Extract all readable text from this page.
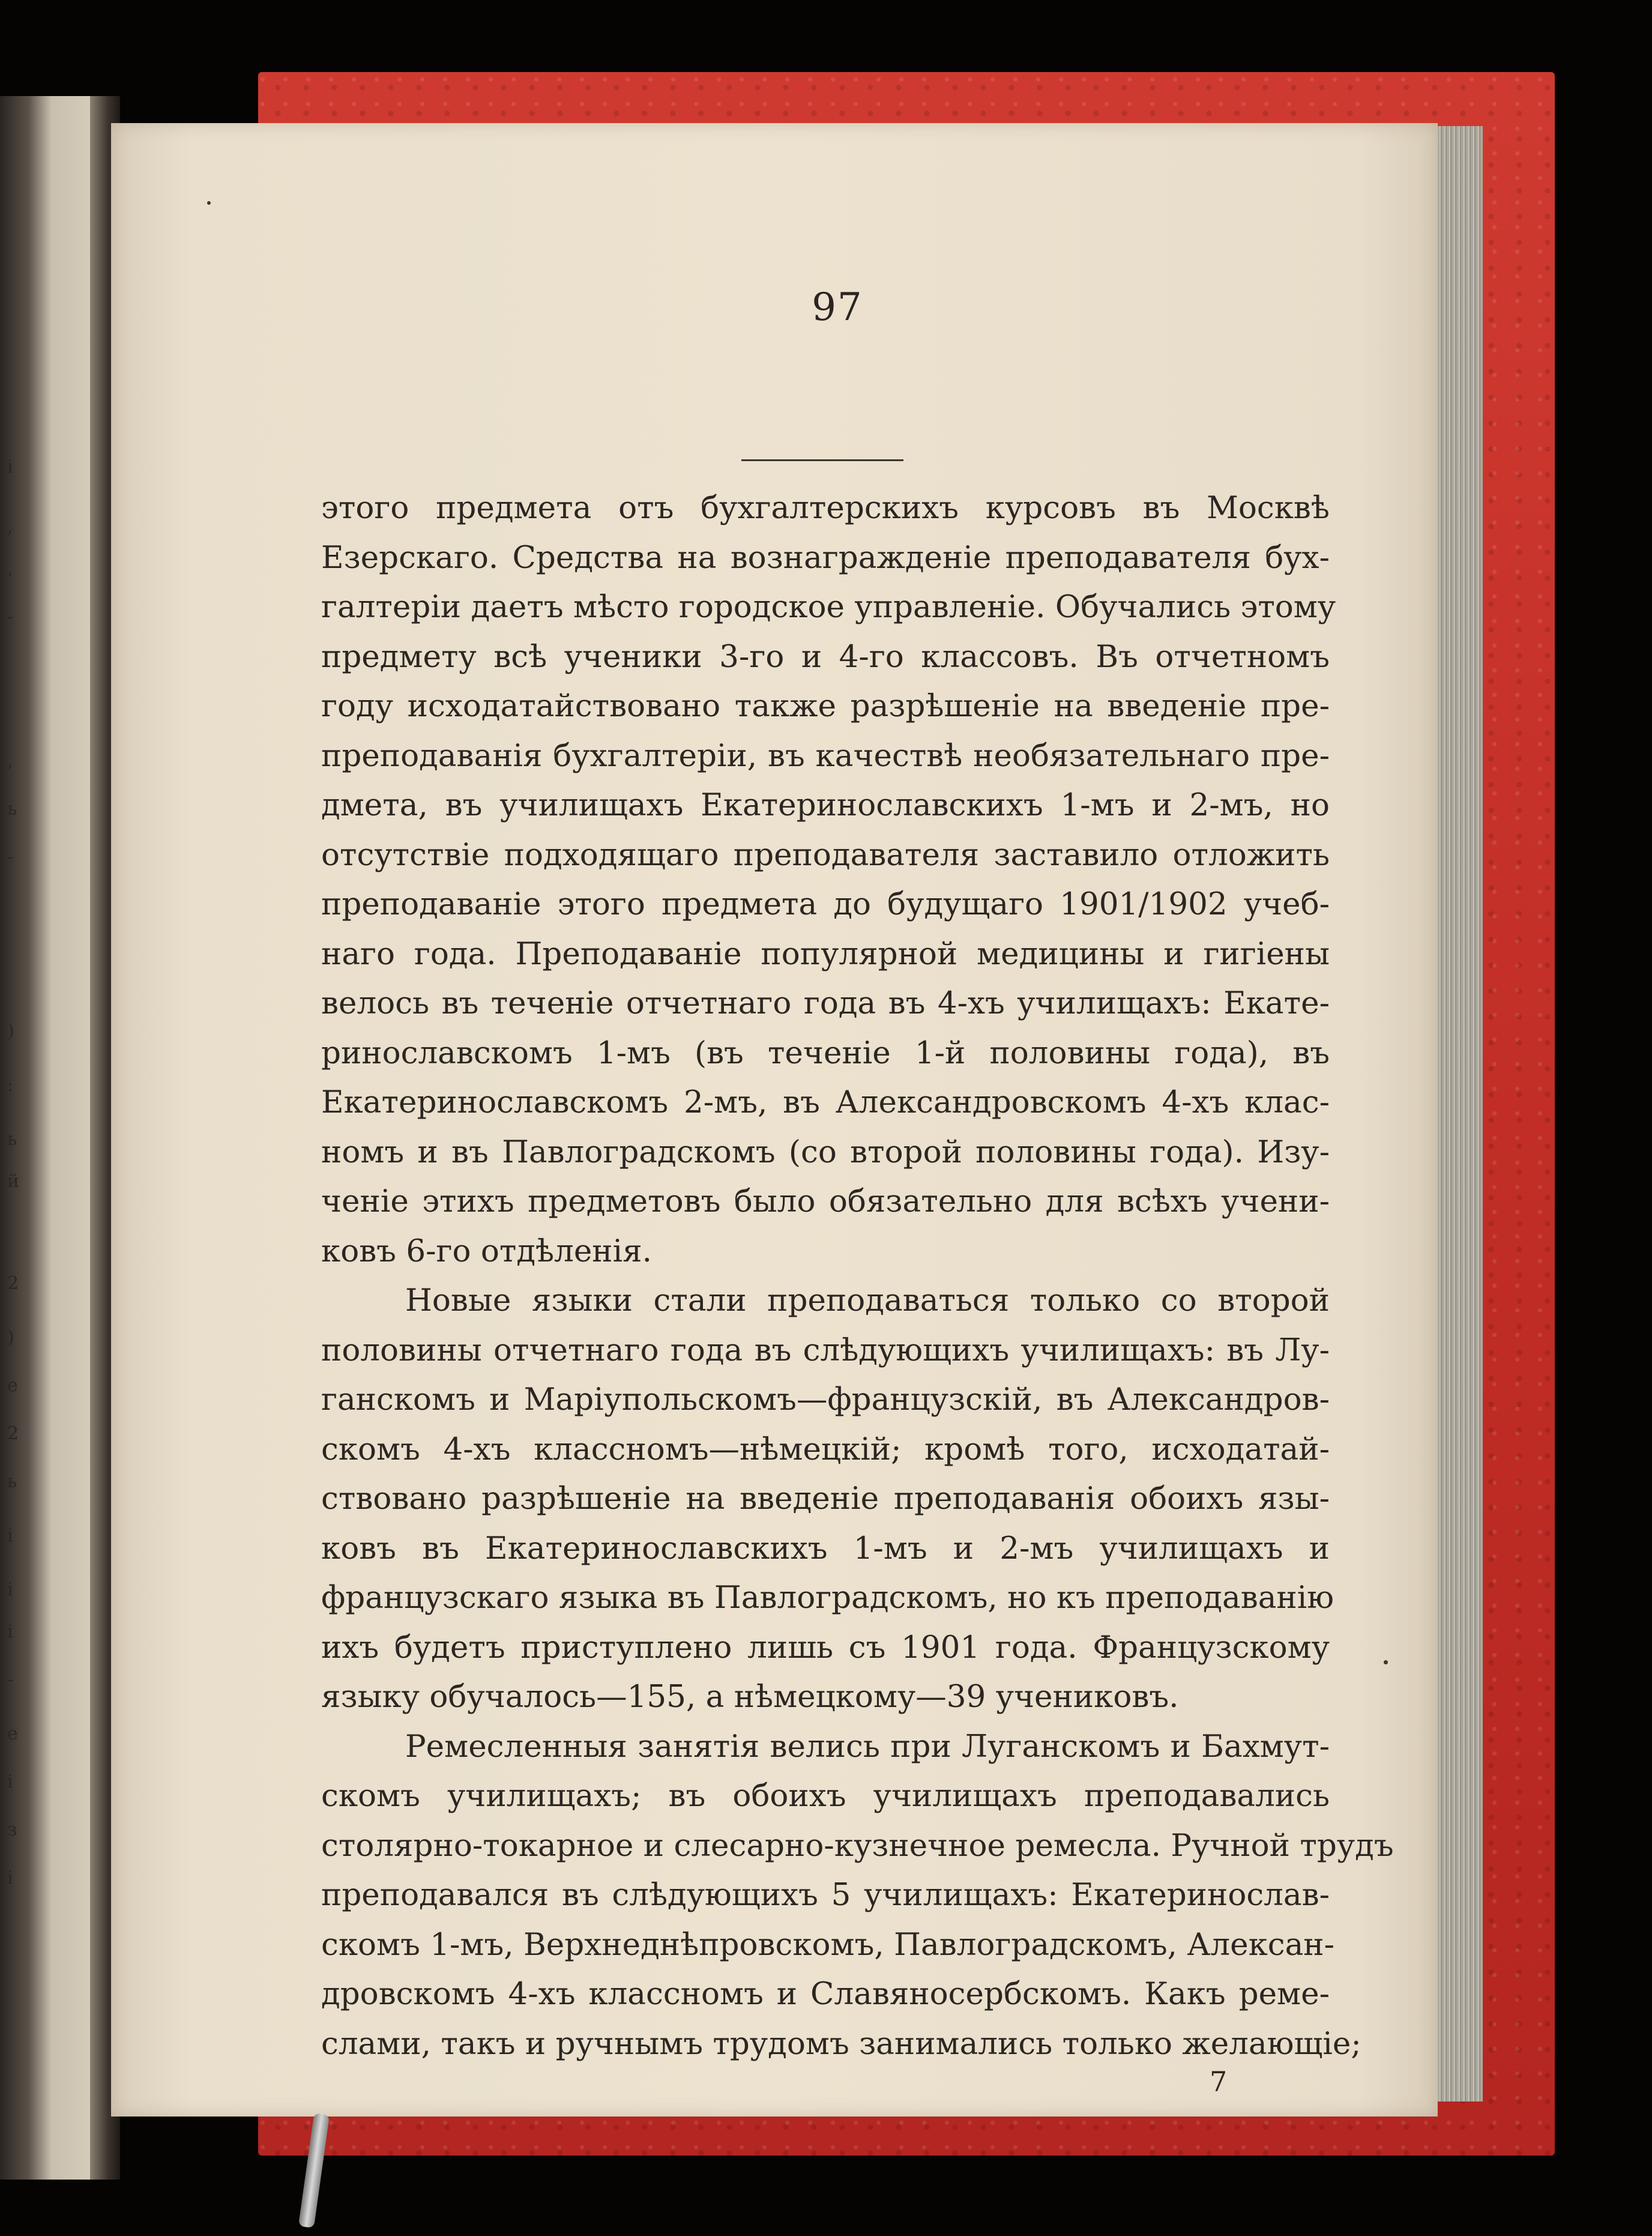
і
,
,
-
,
ь
-
)
:
ь
й
2
)
е
2
ь
і
і
і
-
е
і
з
і
97
этого предмета отъ бухгалтерскихъ курсовъ въ Москвѣ
Езерскаго. Средства на вознагражденіе преподавателя бух-
галтеріи даетъ мѣсто городское управленіе. Обучались этому
предмету всѣ ученики 3-го и 4-го классовъ. Въ отчетномъ
году исходатайствовано также разрѣшеніе на введеніе пре-
преподаванія бухгалтеріи, въ качествѣ необязательнаго пре-
дмета, въ училищахъ Екатеринославскихъ 1-мъ и 2-мъ, но
отсутствіе подходящаго преподавателя заставило отложить
преподаваніе этого предмета до будущаго 1901/1902 учеб-
наго года. Преподаваніе популярной медицины и гигіены
велось въ теченіе отчетнаго года въ 4-хъ училищахъ: Екате-
ринославскомъ 1-мъ (въ теченіе 1-й половины года), въ
Екатеринославскомъ 2-мъ, въ Александровскомъ 4-хъ клас-
номъ и въ Павлоградскомъ (со второй половины года). Изу-
ченіе этихъ предметовъ было обязательно для всѣхъ учени-
ковъ 6-го отдѣленія.
Новые языки стали преподаваться только со второй
половины отчетнаго года въ слѣдующихъ училищахъ: въ Лу-
ганскомъ и Маріупольскомъ—французскій, въ Александров-
скомъ 4-хъ классномъ—нѣмецкій; кромѣ того, исходатай-
ствовано разрѣшеніе на введеніе преподаванія обоихъ язы-
ковъ въ Екатеринославскихъ 1-мъ и 2-мъ училищахъ и
французскаго языка въ Павлоградскомъ, но къ преподаванію
ихъ будетъ приступлено лишь съ 1901 года. Французскому
языку обучалось—155, а нѣмецкому—39 учениковъ.
Ремесленныя занятія велись при Луганскомъ и Бахмут-
скомъ училищахъ; въ обоихъ училищахъ преподавались
столярно-токарное и слесарно-кузнечное ремесла. Ручной трудъ
преподавался въ слѣдующихъ 5 училищахъ: Екатеринослав-
скомъ 1-мъ, Верхнеднѣпровскомъ, Павлоградскомъ, Алексан-
дровскомъ 4-хъ классномъ и Славяносербскомъ. Какъ реме-
слами, такъ и ручнымъ трудомъ занимались только желающіе;
7
